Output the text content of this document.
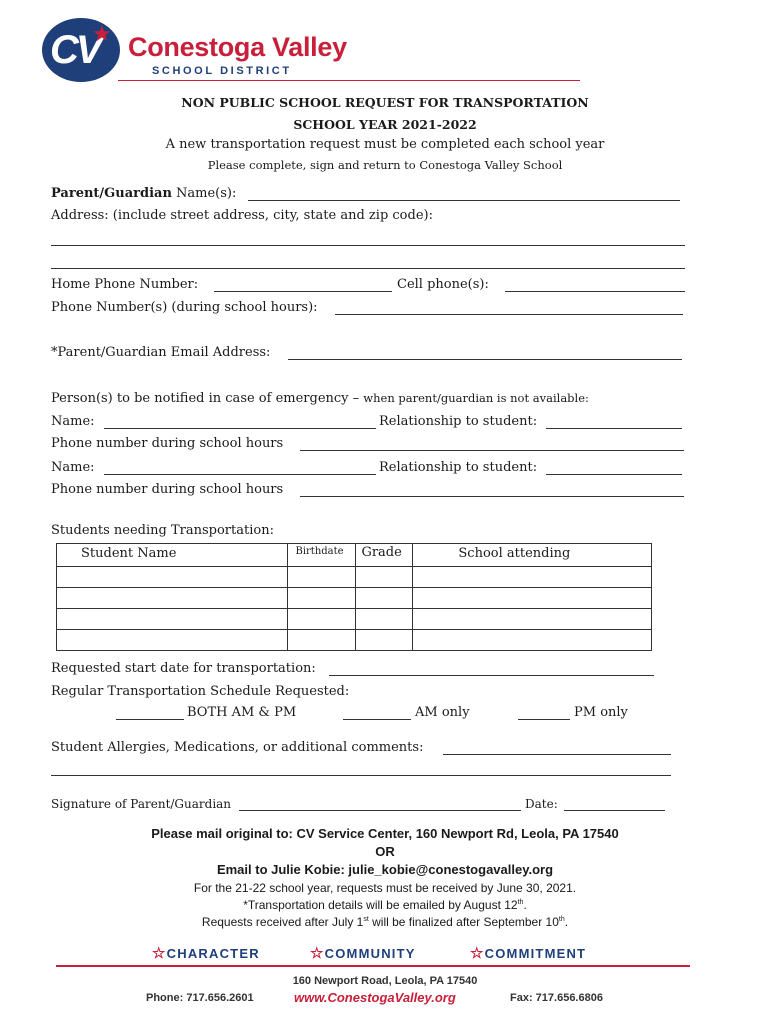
CV
★ Conestoga Valley
SCHOOL DISTRICT
NON PUBLIC SCHOOL REQUEST FOR TRANSPORTATION
SCHOOL YEAR 2021-2022
A new transportation request must be completed each school year
Please complete, sign and return to Conestoga Valley School
Parent/Guardian Name(s):
Address: (include street address, city, state and zip code):
Home Phone Number:	Cell phone(s):
Phone Number(s) (during school hours):
*Parent/Guardian Email Address:
Person(s) to be notified in case of emergency – when parent/guardian is not available:
Name:	Relationship to student:
Phone number during school hours
Name:	Relationship to student:
Phone number during school hours
Students needing Transportation:
Student Name	Birthdate	Grade	School attending

Requested start date for transportation:
Regular Transportation Schedule Requested:
BOTH AM & PM	AM only	PM only
Student Allergies, Medications, or additional comments:
Signature of Parent/Guardian	Date:
Please mail original to: CV Service Center, 160 Newport Rd, Leola, PA 17540
OR
Email to Julie Kobie: julie_kobie@conestogavalley.org
For the 21-22 school year, requests must be received by June 30, 2021.
*Transportation details will be emailed by August 12th.
Requests received after July 1st will be finalized after September 10th.
☆CHARACTER	☆COMMUNITY	☆COMMITMENT
160 Newport Road, Leola, PA 17540
Phone: 717.656.2601	www.ConestogaValley.org	Fax: 717.656.6806
